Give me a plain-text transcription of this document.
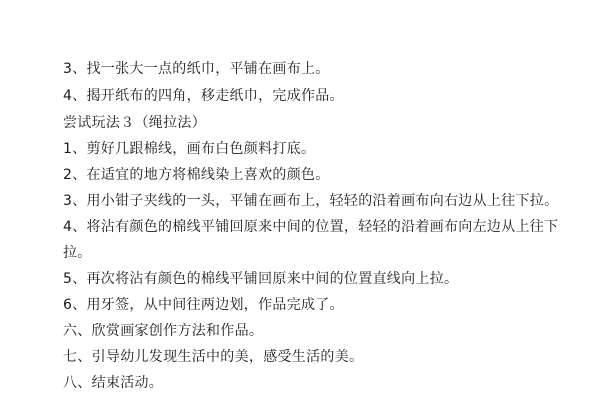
3、找一张大一点的纸巾，平铺在画布上。
4、揭开纸布的四角，移走纸巾，完成作品。
尝试玩法３（绳拉法）
1、剪好几跟棉线，画布白色颜料打底。
2、在适宜的地方将棉线染上喜欢的颜色。
3、用小钳子夹线的一头，平铺在画布上，轻轻的沿着画布向右边从上往下拉。
4、将沾有颜色的棉线平铺回原来中间的位置，轻轻的沿着画布向左边从上往下
拉。
5、再次将沾有颜色的棉线平铺回原来中间的位置直线向上拉。
6、用牙签，从中间往两边划，作品完成了。
六、欣赏画家创作方法和作品。
七、引导幼儿发现生活中的美，感受生活的美。
八、结束活动。
